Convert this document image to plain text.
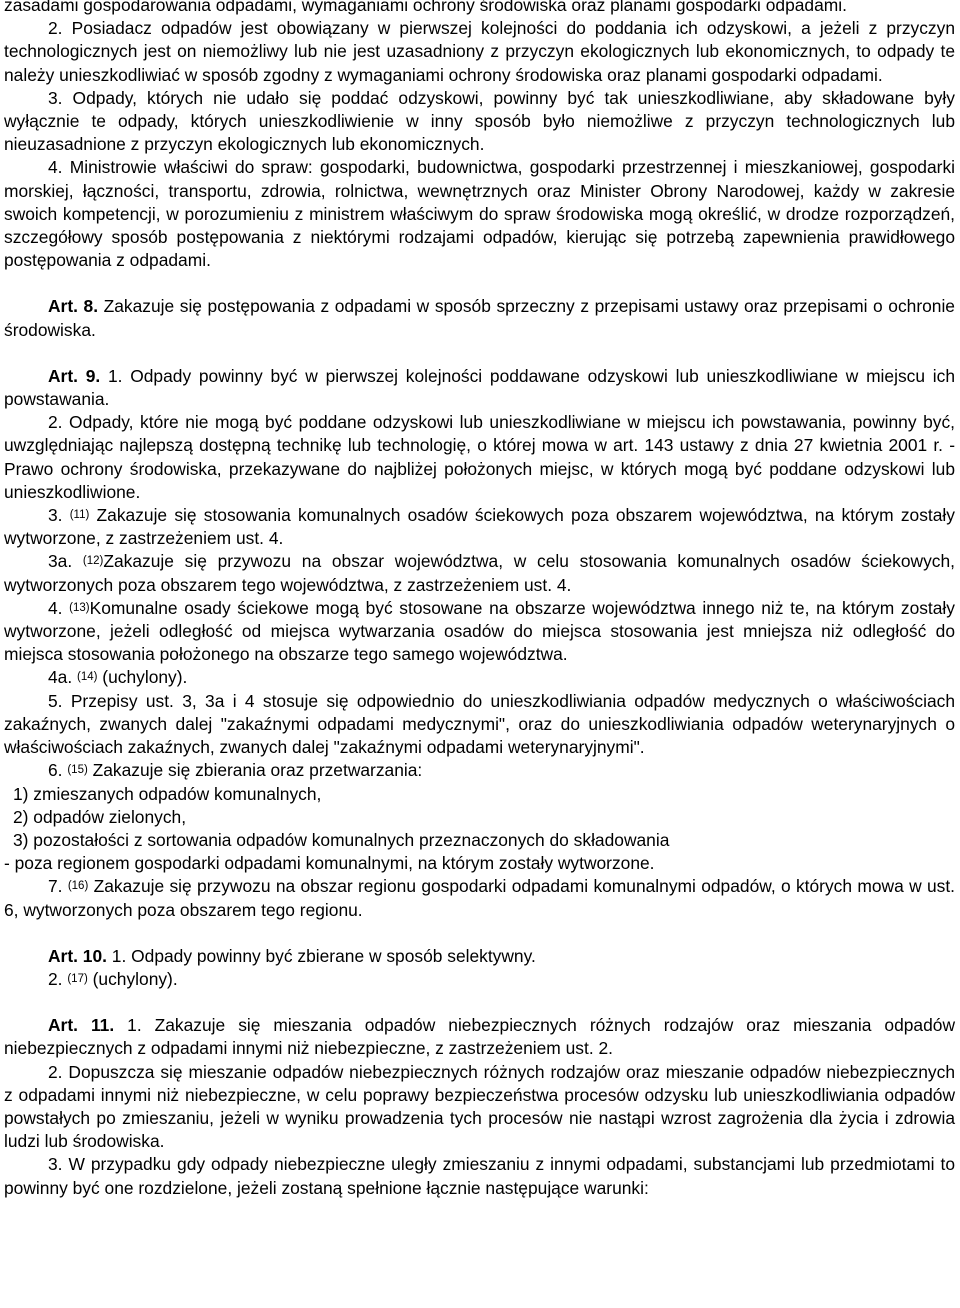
zasadami gospodarowania odpadami, wymaganiami ochrony środowiska oraz planami gospodarki odpadami.

2. Posiadacz odpadów jest obowiązany w pierwszej kolejności do poddania ich odzyskowi, a jeżeli z przyczyn technologicznych jest on niemożliwy lub nie jest uzasadniony z przyczyn ekologicznych lub ekonomicznych, to odpady te należy unieszkodliwiać w sposób zgodny z wymaganiami ochrony środowiska oraz planami gospodarki odpadami.

3. Odpady, których nie udało się poddać odzyskowi, powinny być tak unieszkodliwiane, aby składowane były wyłącznie te odpady, których unieszkodliwienie w inny sposób było niemożliwe z przyczyn technologicznych lub nieuzasadnione z przyczyn ekologicznych lub ekonomicznych.

4. Ministrowie właściwi do spraw: gospodarki, budownictwa, gospodarki przestrzennej i mieszkaniowej, gospodarki morskiej, łączności, transportu, zdrowia, rolnictwa, wewnętrznych oraz Minister Obrony Narodowej, każdy w zakresie swoich kompetencji, w porozumieniu z ministrem właściwym do spraw środowiska mogą określić, w drodze rozporządzeń, szczegółowy sposób postępowania z niektórymi rodzajami odpadów, kierując się potrzebą zapewnienia prawidłowego postępowania z odpadami.

Art. 8. Zakazuje się postępowania z odpadami w sposób sprzeczny z przepisami ustawy oraz przepisami o ochronie środowiska.

Art. 9. 1. Odpady powinny być w pierwszej kolejności poddawane odzyskowi lub unieszkodliwiane w miejscu ich powstawania.

2. Odpady, które nie mogą być poddane odzyskowi lub unieszkodliwiane w miejscu ich powstawania, powinny być, uwzględniając najlepszą dostępną technikę lub technologię, o której mowa w art. 143 ustawy z dnia 27 kwietnia 2001 r. - Prawo ochrony środowiska, przekazywane do najbliżej położonych miejsc, w których mogą być poddane odzyskowi lub unieszkodliwione.

3. $^{(11)}$ Zakazuje się stosowania komunalnych osadów ściekowych poza obszarem województwa, na którym zostały wytworzone, z zastrzeżeniem ust. 4.

3a. $^{(12)}$Zakazuje się przywozu na obszar województwa, w celu stosowania komunalnych osadów ściekowych, wytworzonych poza obszarem tego województwa, z zastrzeżeniem ust. 4.

4. $^{(13)}$Komunalne osady ściekowe mogą być stosowane na obszarze województwa innego niż te, na którym zostały wytworzone, jeżeli odległość od miejsca wytwarzania osadów do miejsca stosowania jest mniejsza niż odległość do miejsca stosowania położonego na obszarze tego samego województwa.

4a. $^{(14)}$ (uchylony).

5. Przepisy ust. 3, 3a i 4 stosuje się odpowiednio do unieszkodliwiania odpadów medycznych o właściwościach zakaźnych, zwanych dalej "zakaźnymi odpadami medycznymi", oraz do unieszkodliwiania odpadów weterynaryjnych o właściwościach zakaźnych, zwanych dalej "zakaźnymi odpadami weterynaryjnymi".

6. $^{(15)}$ Zakazuje się zbierania oraz przetwarzania:

1) zmieszanych odpadów komunalnych,

2) odpadów zielonych,

3) pozostałości z sortowania odpadów komunalnych przeznaczonych do składowania

- poza regionem gospodarki odpadami komunalnymi, na którym zostały wytworzone.

7. $^{(16)}$ Zakazuje się przywozu na obszar regionu gospodarki odpadami komunalnymi odpadów, o których mowa w ust. 6, wytworzonych poza obszarem tego regionu.

Art. 10. 1. Odpady powinny być zbierane w sposób selektywny.

2. $^{(17)}$ (uchylony).

Art. 11. 1. Zakazuje się mieszania odpadów niebezpiecznych różnych rodzajów oraz mieszania odpadów niebezpiecznych z odpadami innymi niż niebezpieczne, z zastrzeżeniem ust. 2.

2. Dopuszcza się mieszanie odpadów niebezpiecznych różnych rodzajów oraz mieszanie odpadów niebezpiecznych z odpadami innymi niż niebezpieczne, w celu poprawy bezpieczeństwa procesów odzysku lub unieszkodliwiania odpadów powstałych po zmieszaniu, jeżeli w wyniku prowadzenia tych procesów nie nastąpi wzrost zagrożenia dla życia i zdrowia ludzi lub środowiska.

3. W przypadku gdy odpady niebezpieczne uległy zmieszaniu z innymi odpadami, substancjami lub przedmiotami to powinny być one rozdzielone, jeżeli zostaną spełnione łącznie następujące warunki:
